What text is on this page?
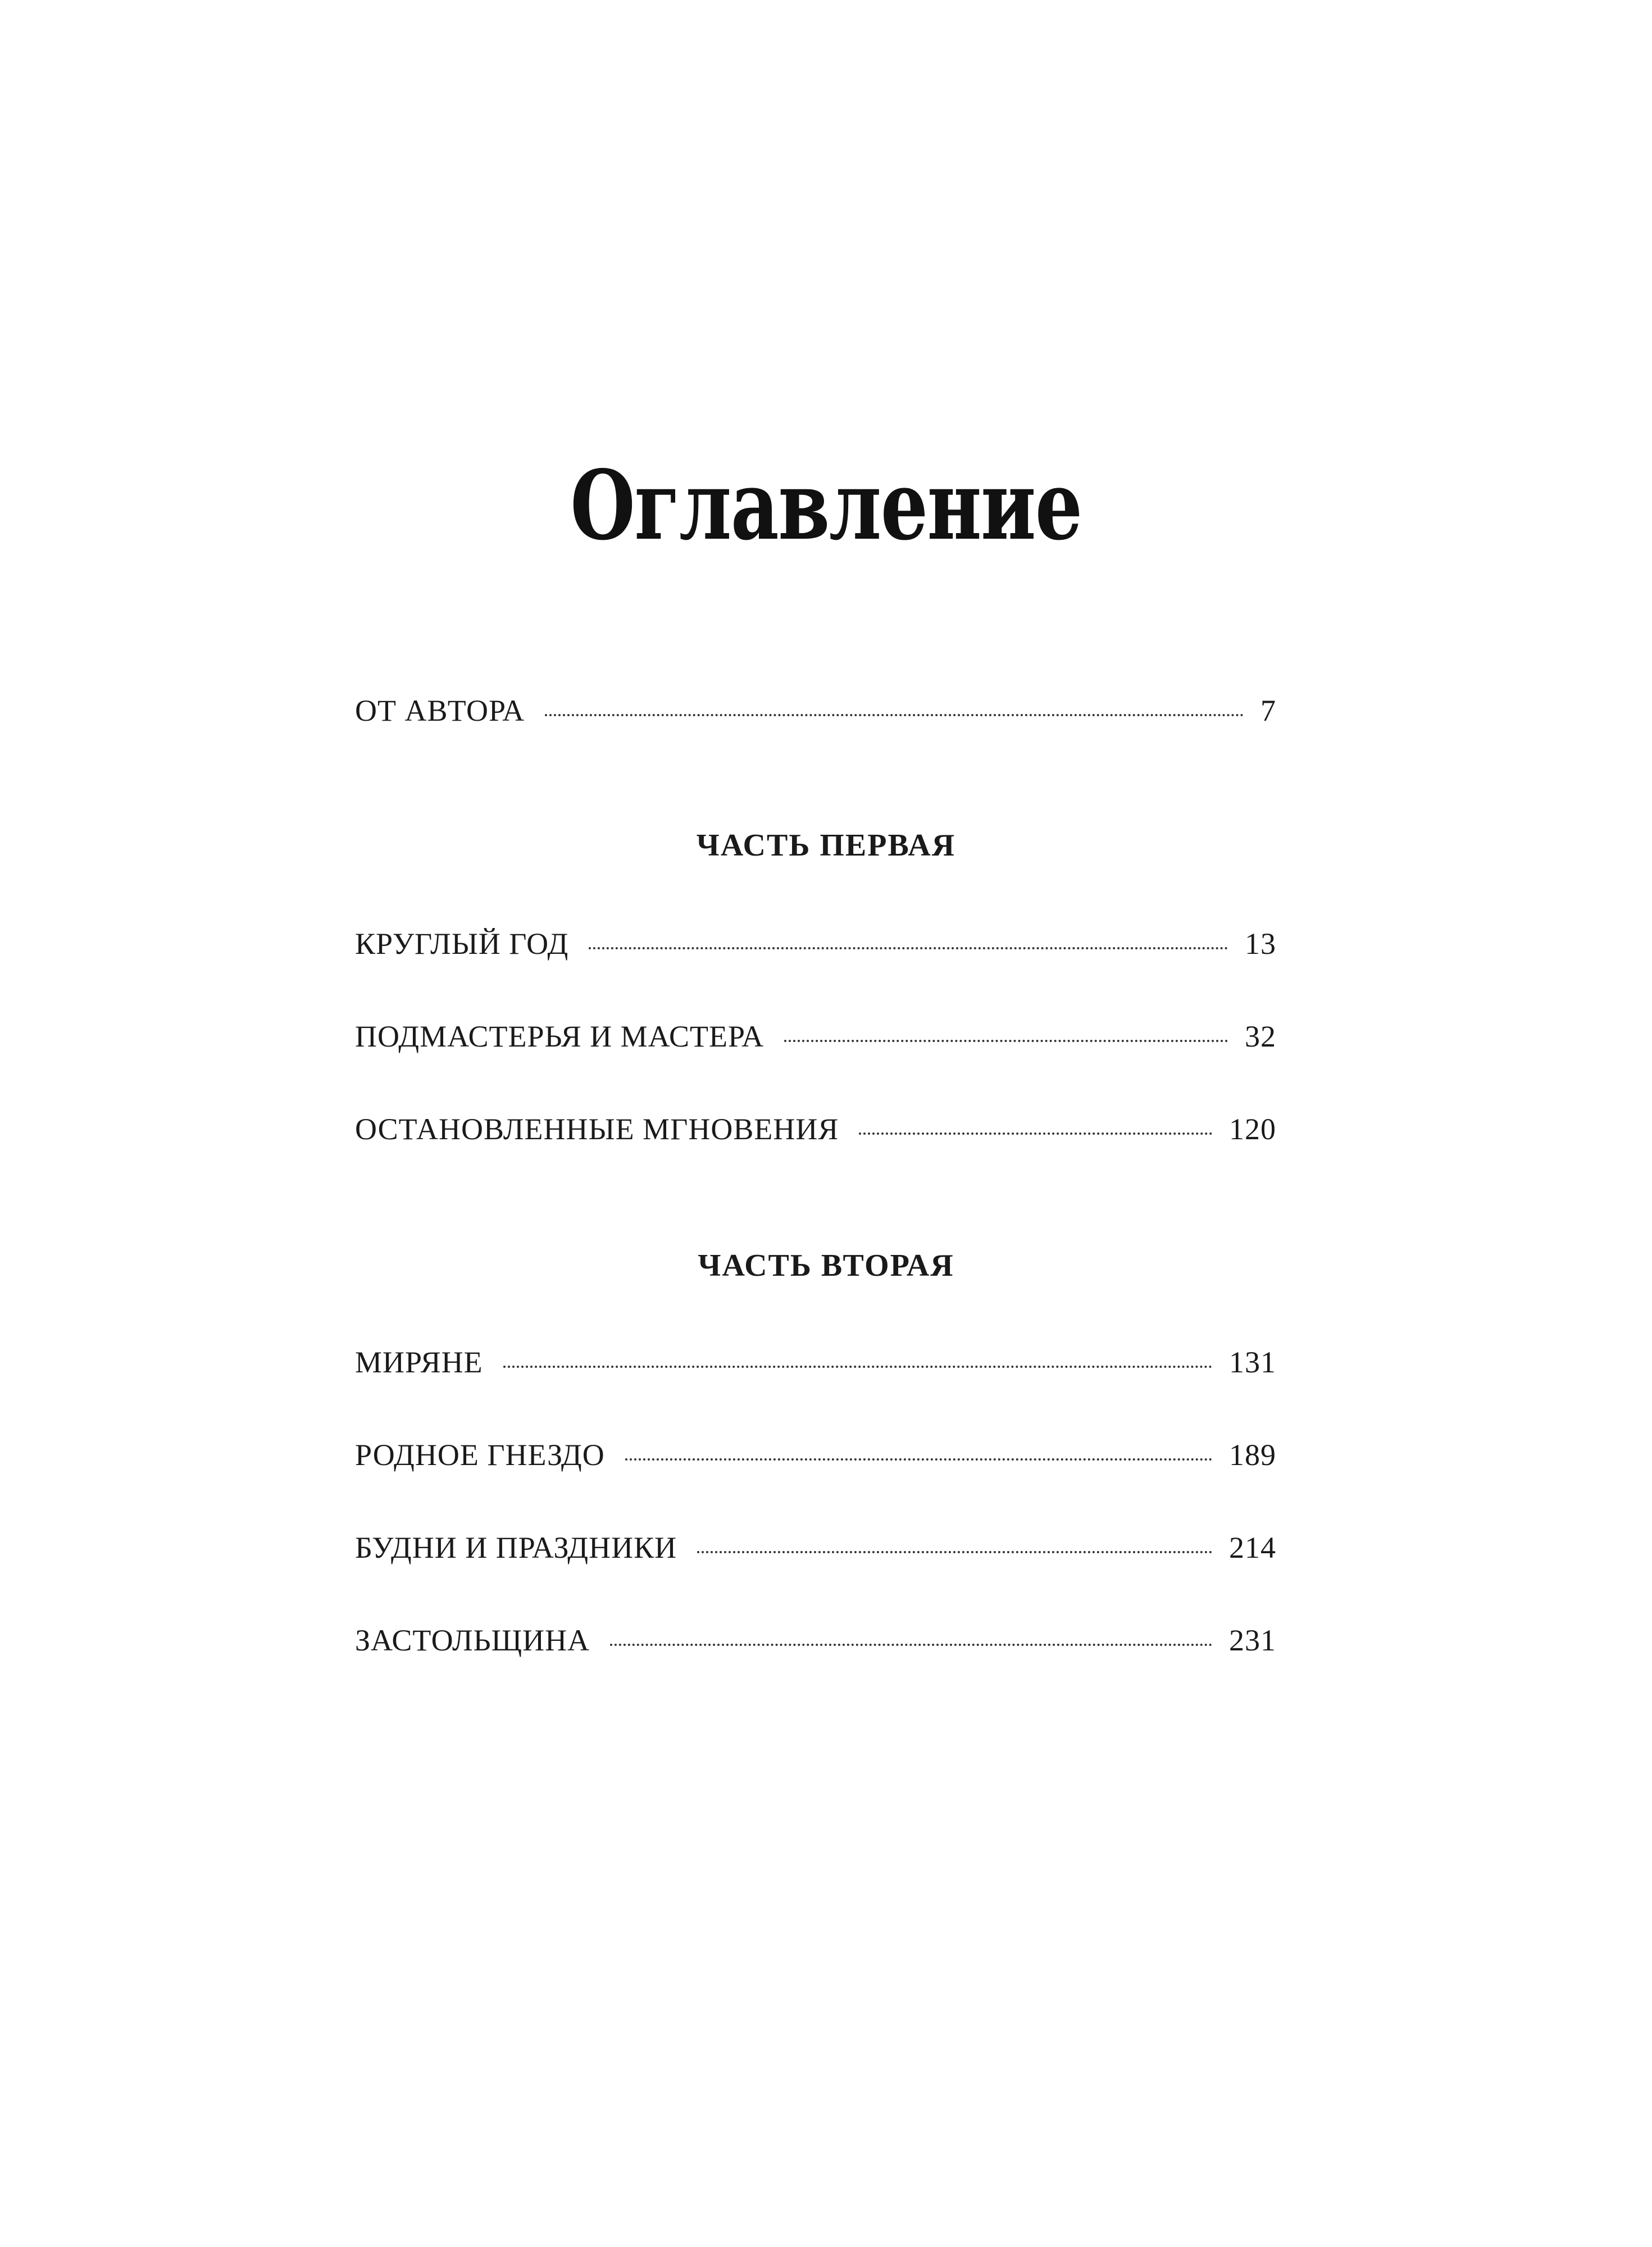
Оглавление
ОТ АВТОРА	7
ЧАСТЬ ПЕРВАЯ
КРУГЛЫЙ ГОД	13
ПОДМАСТЕРЬЯ И МАСТЕРА	32
ОСТАНОВЛЕННЫЕ МГНОВЕНИЯ	120
ЧАСТЬ ВТОРАЯ
МИРЯНЕ	131
РОДНОЕ ГНЕЗДО	189
БУДНИ И ПРАЗДНИКИ	214
ЗАСТОЛЬЩИНА	231
